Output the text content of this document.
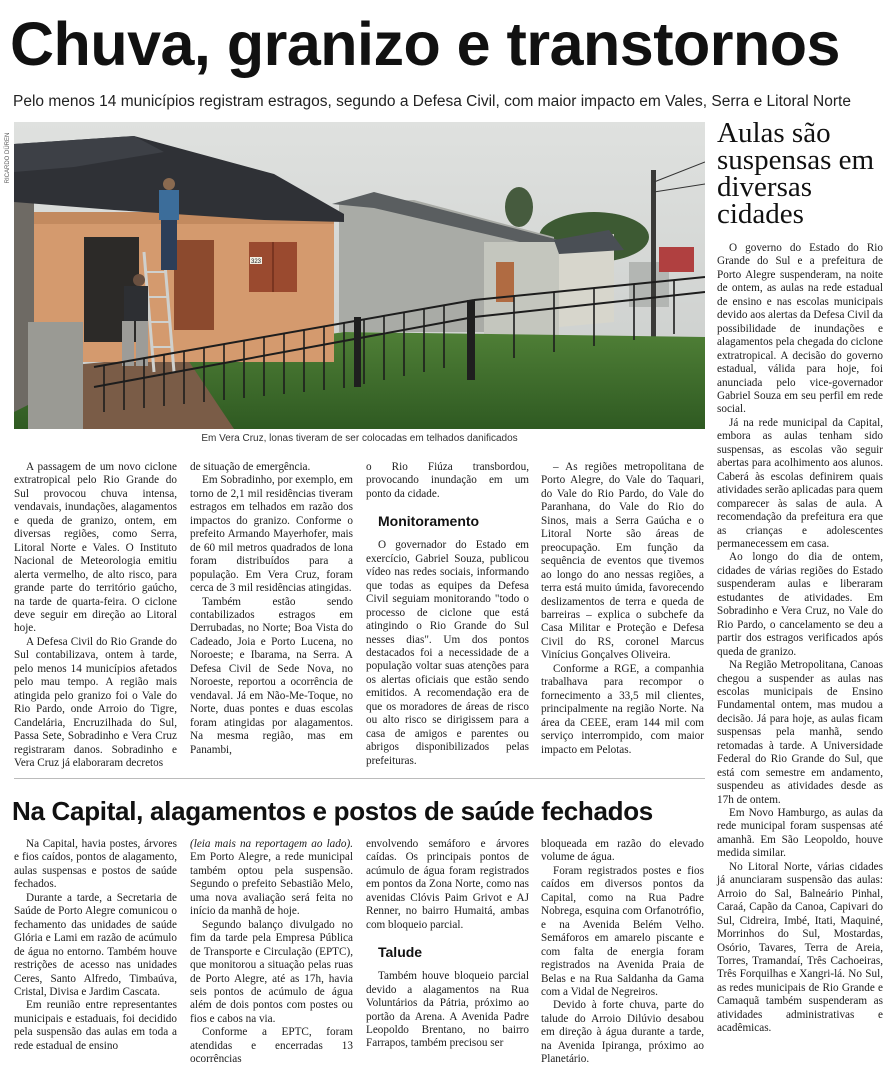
Chuva, granizo e transtornos
Pelo menos 14 municípios registram estragos, segundo a Defesa Civil, com maior impacto em Vales, Serra e Litoral Norte
RICARDO DÜREN
323
Em Vera Cruz, lonas tiveram de ser colocadas em telhados danificados

A passagem de um novo ciclone extratropical pelo Rio Grande do Sul provocou chuva intensa, vendavais, inundações, alagamentos e queda de granizo, ontem, em diversas regiões, como Serra, Litoral Norte e Vales. O Instituto Nacional de Meteorologia emitiu alerta vermelho, de alto risco, para grande parte do território gaúcho, na tarde de quarta-feira. O ciclone deve seguir em direção ao Litoral hoje.

A Defesa Civil do Rio Grande do Sul contabilizava, ontem à tarde, pelo menos 14 municípios afetados pelo mau tempo. A região mais atingida pelo granizo foi o Vale do Rio Pardo, onde Arroio do Tigre, Candelária, Encruzilhada do Sul, Passa Sete, Sobradinho e Vera Cruz registraram danos. Sobradinho e Vera Cruz já elaboraram decretos

de situação de emergência.

Em Sobradinho, por exemplo, em torno de 2,1 mil residências tiveram estragos em telhados em razão dos impactos do granizo. Conforme o prefeito Armando Mayerhofer, mais de 60 mil metros quadrados de lona foram distribuídos para a população. Em Vera Cruz, foram cerca de 3 mil residências atingidas.

Também estão sendo contabilizados estragos em Derrubadas, no Norte; Boa Vista do Cadeado, Joia e Porto Lucena, no Noroeste; e Ibarama, na Serra. A Defesa Civil de Sede Nova, no Noroeste, reportou a ocorrência de vendaval. Já em Não-Me-Toque, no Norte, duas pontes e duas escolas foram atingidas por alagamentos. Na mesma região, mas em Panambi,

o Rio Fiúza transbordou, provocando inundação em um ponto da cidade.

Monitoramento

O governador do Estado em exercício, Gabriel Souza, publicou vídeo nas redes sociais, informando que todas as equipes da Defesa Civil seguiam monitorando "todo o processo de ciclone que está atingindo o Rio Grande do Sul nesses dias". Um dos pontos destacados foi a necessidade de a população voltar suas atenções para os alertas oficiais que estão sendo emitidos. A recomendação era de que os moradores de áreas de risco ou alto risco se dirigissem para a casa de amigos e parentes ou abrigos disponibilizados pelas prefeituras.

– As regiões metropolitana de Porto Alegre, do Vale do Taquari, do Vale do Rio Pardo, do Vale do Paranhana, do Vale do Rio do Sinos, mais a Serra Gaúcha e o Litoral Norte são áreas de preocupação. Em função da sequência de eventos que tivemos ao longo do ano nessas regiões, a terra está muito úmida, favorecendo deslizamentos de terra e queda de barreiras – explica o subchefe da Casa Militar e Proteção e Defesa Civil do RS, coronel Marcus Vinícius Gonçalves Oliveira.

Conforme a RGE, a companhia trabalhava para recompor o fornecimento a 33,5 mil clientes, principalmente na região Norte. Na área da CEEE, eram 144 mil com serviço interrompido, com maior impacto em Pelotas.

Na Capital, alagamentos e postos de saúde fechados

Na Capital, havia postes, árvores e fios caídos, pontos de alagamento, aulas suspensas e postos de saúde fechados.

Durante a tarde, a Secretaria de Saúde de Porto Alegre comunicou o fechamento das unidades de saúde Glória e Lami em razão de acúmulo de água no entorno. Também houve restrições de acesso nas unidades Ceres, Santo Alfredo, Timbaúva, Cristal, Divisa e Jardim Cascata.

Em reunião entre representantes municipais e estaduais, foi decidido pela suspensão das aulas em toda a rede estadual de ensino

(leia mais na reportagem ao lado). Em Porto Alegre, a rede municipal também optou pela suspensão. Segundo o prefeito Sebastião Melo, uma nova avaliação será feita no início da manhã de hoje.

Segundo balanço divulgado no fim da tarde pela Empresa Pública de Transporte e Circulação (EPTC), que monitorou a situação pelas ruas de Porto Alegre, até as 17h, havia seis pontos de acúmulo de água além de dois pontos com postes ou fios e cabos na via.

Conforme a EPTC, foram atendidas e encerradas 13 ocorrências

envolvendo semáforo e árvores caídas. Os principais pontos de acúmulo de água foram registrados em pontos da Zona Norte, como nas avenidas Clóvis Paim Grivot e AJ Renner, no bairro Humaitá, ambas com bloqueio parcial.

Talude

Também houve bloqueio parcial devido a alagamentos na Rua Voluntários da Pátria, próximo ao portão da Arena. A Avenida Padre Leopoldo Brentano, no bairro Farrapos, também precisou ser

bloqueada em razão do elevado volume de água.

Foram registrados postes e fios caídos em diversos pontos da Capital, como na Rua Padre Nobrega, esquina com Orfanotrófio, e na Avenida Belém Velho. Semáforos em amarelo piscante e com falta de energia foram registrados na Avenida Praia de Belas e na Rua Saldanha da Gama com a Vidal de Negreiros.

Devido à forte chuva, parte do talude do Arroio Dilúvio desabou em direção à água durante a tarde, na Avenida Ipiranga, próximo ao Planetário.

Aulas são suspensas em diversas cidades

O governo do Estado do Rio Grande do Sul e a prefeitura de Porto Alegre suspenderam, na noite de ontem, as aulas na rede estadual de ensino e nas escolas municipais devido aos alertas da Defesa Civil da possibilidade de inundações e alagamentos pela chegada do ciclone extratropical. A decisão do governo estadual, válida para hoje, foi anunciada pelo vice-governador Gabriel Souza em seu perfil em rede social.

Já na rede municipal da Capital, embora as aulas tenham sido suspensas, as escolas vão seguir abertas para acolhimento aos alunos. Caberá às escolas definirem quais atividades serão aplicadas para quem comparecer às salas de aula. A recomendação da prefeitura era que as crianças e adolescentes permanecessem em casa.

Ao longo do dia de ontem, cidades de várias regiões do Estado suspenderam aulas e liberaram estudantes de atividades. Em Sobradinho e Vera Cruz, no Vale do Rio Pardo, o cancelamento se deu a partir dos estragos verificados após queda de granizo.

Na Região Metropolitana, Canoas chegou a suspender as aulas nas escolas municipais de Ensino Fundamental ontem, mas mudou a decisão. Já para hoje, as aulas ficam suspensas pela manhã, sendo retomadas à tarde. A Universidade Federal do Rio Grande do Sul, que está com semestre em andamento, suspendeu as atividades desde as 17h de ontem.

Em Novo Hamburgo, as aulas da rede municipal foram suspensas até amanhã. Em São Leopoldo, houve medida similar.

No Litoral Norte, várias cidades já anunciaram suspensão das aulas: Arroio do Sal, Balneário Pinhal, Caraá, Capão da Canoa, Capivari do Sul, Cidreira, Imbé, Itati, Maquiné, Morrinhos do Sul, Mostardas, Osório, Tavares, Terra de Areia, Torres, Tramandaí, Três Cachoeiras, Três Forquilhas e Xangri-lá. No Sul, as redes municipais de Rio Grande e Camaquã também suspenderam as atividades administrativas e acadêmicas.
